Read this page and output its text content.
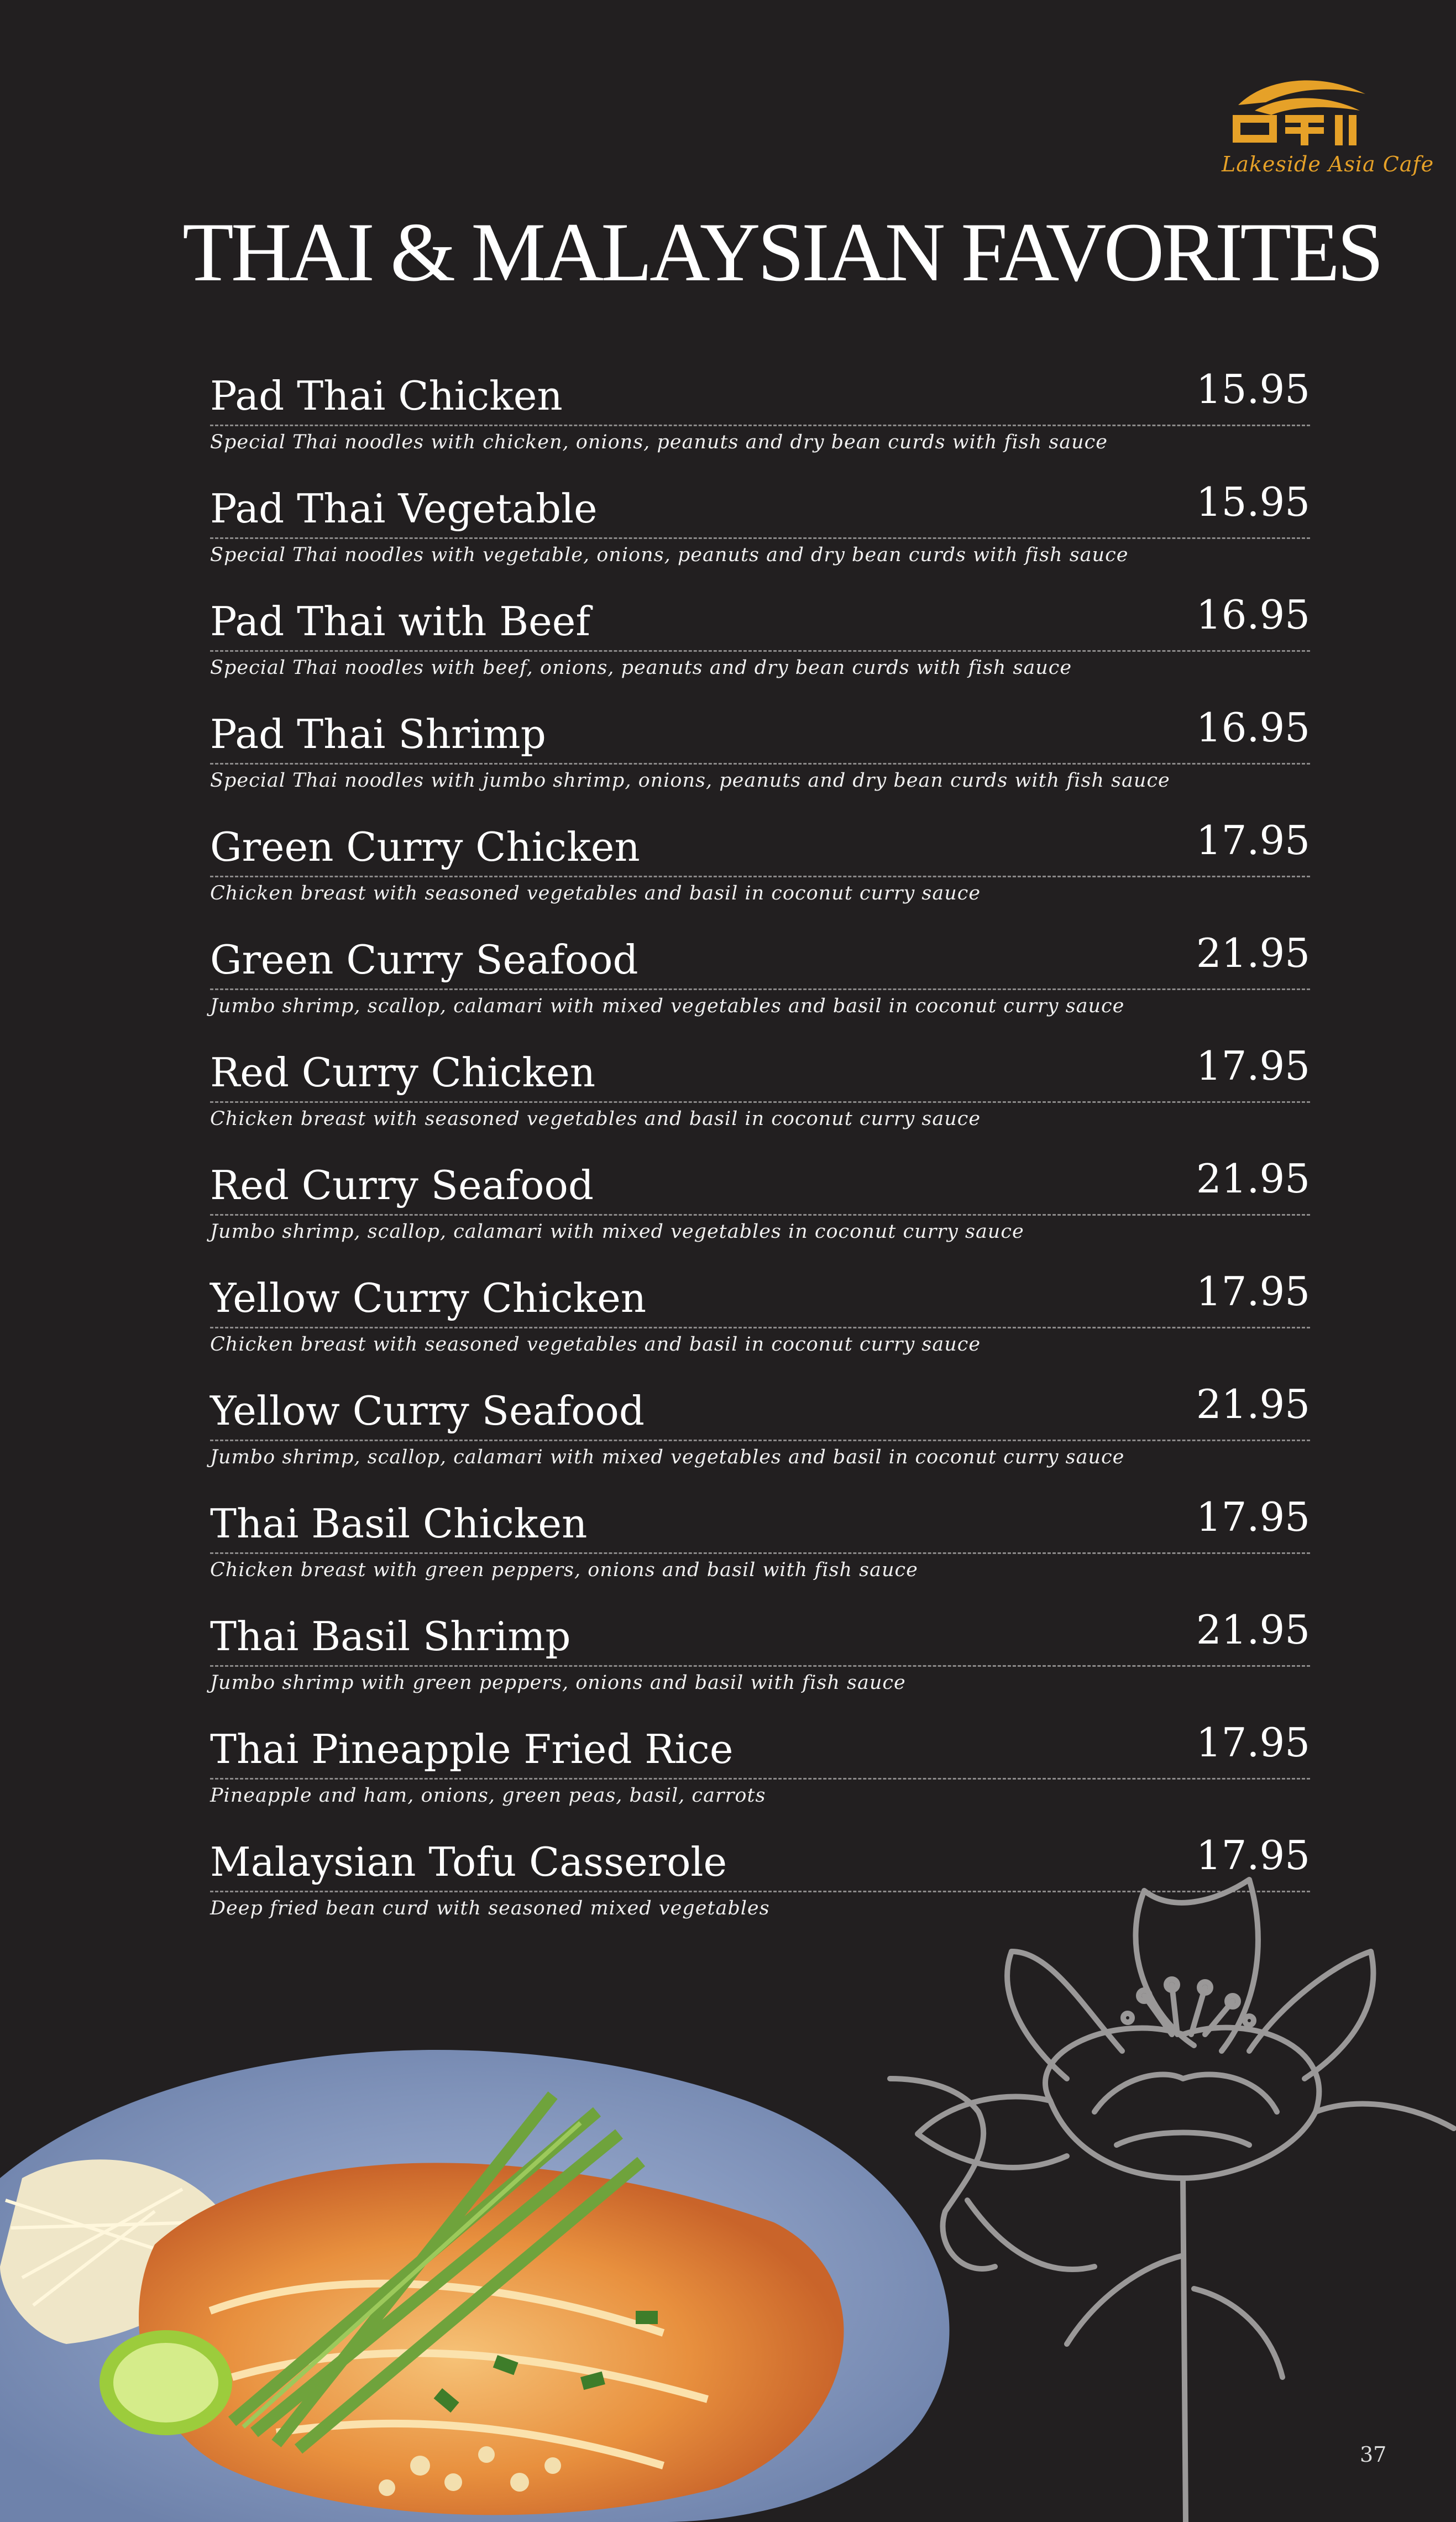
Lakeside Asia Cafe
THAI & MALAYSIAN FAVORITES
Pad Thai Chicken	15.95
Special Thai noodles with chicken, onions, peanuts and dry bean curds with fish sauce
Pad Thai Vegetable	15.95
Special Thai noodles with vegetable, onions, peanuts and dry bean curds with fish sauce
Pad Thai with Beef	16.95
Special Thai noodles with beef, onions, peanuts and dry bean curds with fish sauce
Pad Thai Shrimp	16.95
Special Thai noodles with jumbo shrimp, onions, peanuts and dry bean curds with fish sauce
Green Curry Chicken	17.95
Chicken breast with seasoned vegetables and basil in coconut curry sauce
Green Curry Seafood	21.95
Jumbo shrimp, scallop, calamari with mixed vegetables and basil in coconut curry sauce
Red Curry Chicken	17.95
Chicken breast with seasoned vegetables and basil in coconut curry sauce
Red Curry Seafood	21.95
Jumbo shrimp, scallop, calamari with mixed vegetables in coconut curry sauce
Yellow Curry Chicken	17.95
Chicken breast with seasoned vegetables and basil in coconut curry sauce
Yellow Curry Seafood	21.95
Jumbo shrimp, scallop, calamari with mixed vegetables and basil in coconut curry sauce
Thai Basil Chicken	17.95
Chicken breast with green peppers, onions and basil with fish sauce
Thai Basil Shrimp	21.95
Jumbo shrimp with green peppers, onions and basil with fish sauce
Thai Pineapple Fried Rice	17.95
Pineapple and ham, onions, green peas, basil, carrots
Malaysian Tofu Casserole	17.95
Deep fried bean curd with seasoned mixed vegetables
37
